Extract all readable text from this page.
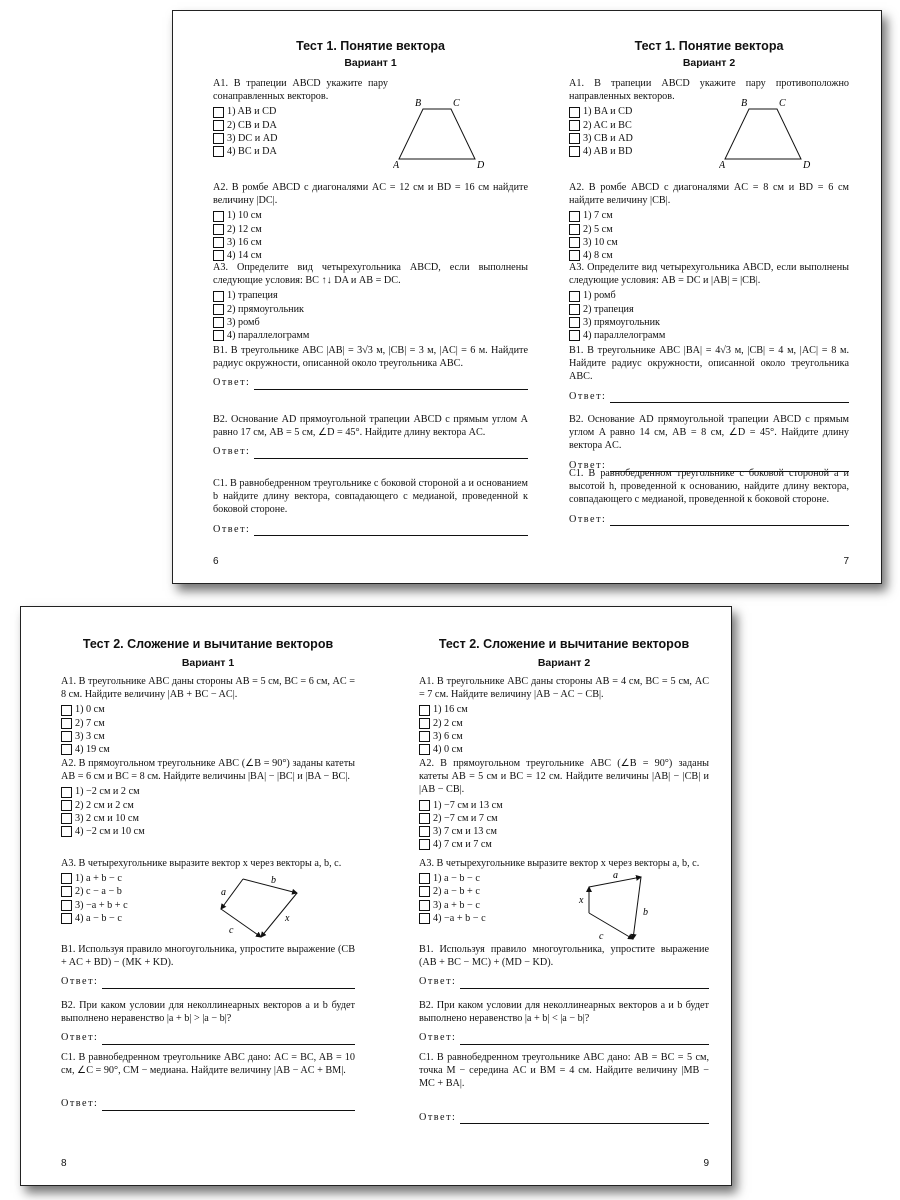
Тест 1. Понятие вектора
Вариант 1

А1. В трапеции ABCD укажите пару сонаправленных векторов.

1) AB и CD
2) CB и DA
3) DC и AD
4) BC и DA
B	C
A	D

А2. В ромбе ABCD с диагоналями AC = 12 см и BD = 16 см найдите величину |DC|.

1) 10 см
2) 12 см
3) 16 см
4) 14 см

А3. Определите вид четырехугольника ABCD, если выполнены следующие условия: BC ↑↓ DA и AB = DC.

1) трапеция
2) прямоугольник
3) ромб
4) параллелограмм

В1. В треугольнике ABC |AB| = 3√3 м, |CB| = 3 м, |AC| = 6 м. Найдите радиус окружности, описанной около треугольника ABC.

Ответ:

В2. Основание AD прямоугольной трапеции ABCD с прямым углом A равно 17 см, AB = 5 см, ∠D = 45°. Найдите длину вектора AC.

Ответ:

С1. В равнобедренном треугольнике с боковой стороной a и основанием b найдите длину вектора, совпадающего с медианой, проведенной к боковой стороне.

Ответ:
6
Тест 1. Понятие вектора
Вариант 2

А1. В трапеции ABCD укажите пару противоположно направленных векторов.

1) BA и CD
2) AC и BC
3) CB и AD
4) AB и BD
B	C
A	D

А2. В ромбе ABCD с диагоналями AC = 8 см и BD = 6 см найдите величину |CB|.

1) 7 см
2) 5 см
3) 10 см
4) 8 см

А3. Определите вид четырехугольника ABCD, если выполнены следующие условия: AB = DC и |AB| = |CB|.

1) ромб
2) трапеция
3) прямоугольник
4) параллелограмм

В1. В треугольнике ABC |BA| = 4√3 м, |CB| = 4 м, |AC| = 8 м. Найдите радиус окружности, описанной около треугольника ABC.

Ответ:

В2. Основание AD прямоугольной трапеции ABCD с прямым углом A равно 14 см, AB = 8 см, ∠D = 45°. Найдите длину вектора AC.

Ответ:

С1. В равнобедренном треугольнике с боковой стороной a и высотой h, проведенной к основанию, найдите длину вектора, совпадающего с медианой, проведенной к боковой стороне.

Ответ:
7
Тест 2. Сложение и вычитание векторов
Вариант 1

А1. В треугольнике ABC даны стороны AB = 5 см, BC = 6 см, AC = 8 см. Найдите величину |AB + BC − AC|.

1) 0 см
2) 7 см
3) 3 см
4) 19 см

А2. В прямоугольном треугольнике ABC (∠B = 90°) заданы катеты AB = 6 см и BC = 8 см. Найдите величины |BA| − |BC| и |BA − BC|.

1) −2 см и 2 см
2) 2 см и 2 см
3) 2 см и 10 см
4) −2 см и 10 см

А3. В четырехугольнике выразите вектор x через векторы a, b, c.

1) a + b − c
2) c − a − b
3) −a + b + c
4) a − b − c
a
b
c
x

В1. Используя правило многоугольника, упростите выражение (CB + AC + BD) − (MK + KD).

Ответ:

В2. При каком условии для неколлинеарных векторов a и b будет выполнено неравенство |a + b| > |a − b|?

Ответ:

С1. В равнобедренном треугольнике ABC дано: AC = BC, AB = 10 см, ∠C = 90°, CM − медиана. Найдите величину |AB − AC + BM|.

Ответ:
8
Тест 2. Сложение и вычитание векторов
Вариант 2

А1. В треугольнике ABC даны стороны AB = 4 см, BC = 5 см, AC = 7 см. Найдите величину |AB − AC − CB|.

1) 16 см
2) 2 см
3) 6 см
4) 0 см

А2. В прямоугольном треугольнике ABC (∠B = 90°) заданы катеты AB = 5 см и BC = 12 см. Найдите величины |AB| − |CB| и |AB − CB|.

1) −7 см и 13 см
2) −7 см и 7 см
3) 7 см и 13 см
4) 7 см и 7 см

А3. В четырехугольнике выразите вектор x через векторы a, b, c.

1) a − b − c
2) a − b + c
3) a + b − c
4) −a + b − c
a
b
c
x

В1. Используя правило многоугольника, упростите выражение (AB + BC − MC) + (MD − KD).

Ответ:

В2. При каком условии для неколлинеарных векторов a и b будет выполнено неравенство |a + b| < |a − b|?

Ответ:

С1. В равнобедренном треугольнике ABC дано: AB = BC = 5 см, точка M − середина AC и BM = 4 см. Найдите величину |MB − MC + BA|.

Ответ:
9
